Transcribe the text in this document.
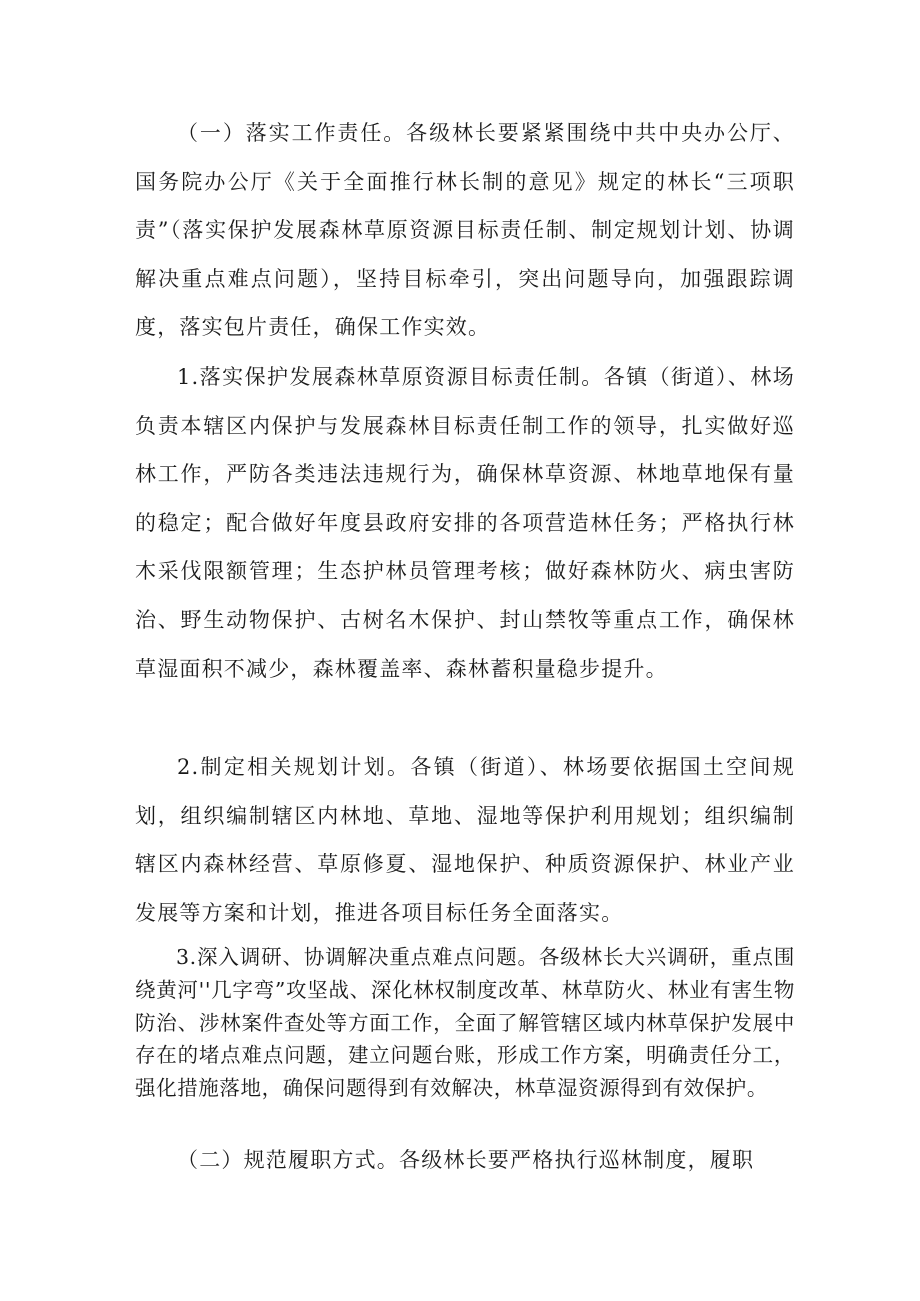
（一）落实工作责任。各级林长要紧紧围绕中共中央办公厅、国务院办公厅《关于全面推行林长制的意见》规定的林长“三项职责”（落实保护发展森林草原资源目标责任制、制定规划计划、协调解决重点难点问题），坚持目标牵引，突出问题导向，加强跟踪调度，落实包片责任，确保工作实效。

1.落实保护发展森林草原资源目标责任制。各镇（街道）、林场负责本辖区内保护与发展森林目标责任制工作的领导，扎实做好巡林工作，严防各类违法违规行为，确保林草资源、林地草地保有量的稳定；配合做好年度县政府安排的各项营造林任务；严格执行林木采伐限额管理；生态护林员管理考核；做好森林防火、病虫害防治、野生动物保护、古树名木保护、封山禁牧等重点工作，确保林草湿面积不减少，森林覆盖率、森林蓄积量稳步提升。

2.制定相关规划计划。各镇（街道）、林场要依据国土空间规划，组织编制辖区内林地、草地、湿地等保护利用规划；组织编制辖区内森林经营、草原修夏、湿地保护、种质资源保护、林业产业发展等方案和计划，推进各项目标任务全面落实。

3.深入调研、协调解决重点难点问题。各级林长大兴调研，重点围绕黄河''几字弯”攻坚战、深化林权制度改革、林草防火、林业有害生物防治、涉林案件查处等方面工作，全面了解管辖区域内林草保护发展中存在的堵点难点问题，建立问题台账，形成工作方案，明确责任分工，强化措施落地，确保问题得到有效解决，林草湿资源得到有效保护。

（二）规范履职方式。各级林长要严格执行巡林制度，履职
